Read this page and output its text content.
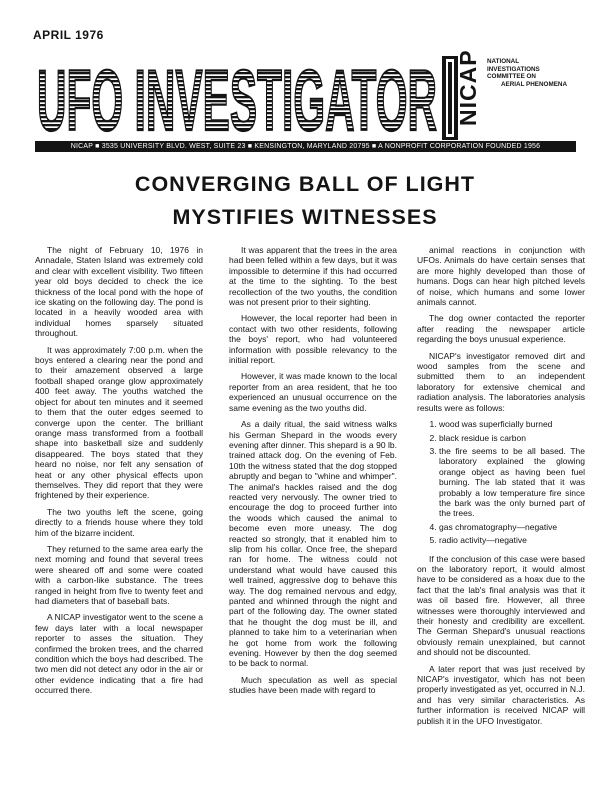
APRIL 1976
UFO INVESTIGATOR NICAP NATIONAL INVESTIGATIONS COMMITTEE ON
AERIAL PHENOMENA
NICAP ■ 3535 UNIVERSITY BLVD. WEST, SUITE 23 ■ KENSINGTON, MARYLAND 20795 ■ A NONPROFIT CORPORATION FOUNDED 1956
CONVERGING BALL OF LIGHT
MYSTIFIES WITNESSES

The night of February 10, 1976 in Annadale, Staten Island was extremely cold and clear with excellent visibility. Two fifteen year old boys decided to check the ice thickness of the local pond with the hope of ice skating on the following day. The pond is located in a heavily wooded area with individual homes sparsely situated throughout.

It was approximately 7:00 p.m. when the boys entered a clearing near the pond and to their amazement observed a large football shaped orange glow approximately 400 feet away. The youths watched the object for about ten minutes and it seemed to them that the outer edges seemed to converge upon the center. The brilliant orange mass transformed from a football shape into basketball size and suddenly disappeared. The boys stated that they heard no noise, nor felt any sensation of heat or any other physical effects upon themselves. They did report that they were frightened by their experience.

The two youths left the scene, going directly to a friends house where they told him of the bizarre incident.

They returned to the same area early the next morning and found that several trees were sheared off and some were coated with a carbon-like substance. The trees ranged in height from five to twenty feet and had diameters that of baseball bats.

A NICAP investigator went to the scene a few days later with a local newspaper reporter to asses the situation. They confirmed the broken trees, and the charred condition which the boys had described. The two men did not detect any odor in the air or other evidence indicating that a fire had occurred there.

It was apparent that the trees in the area had been felled within a few days, but it was impossible to determine if this had occurred at the time to the sighting. To the best recollection of the two youths, the condition was not present prior to their sighting.

However, the local reporter had been in contact with two other residents, following the boys' report, who had volunteered information with possible relevancy to the initial report.

However, it was made known to the local reporter from an area resident, that he too experienced an unusual occurrence on the same evening as the two youths did.

As a daily ritual, the said witness walks his German Shepard in the woods every evening after dinner. This shepard is a 90 lb. trained attack dog. On the evening of Feb. 10th the witness stated that the dog stopped abruptly and began to "whine and whimper". The animal's hackles raised and the dog reacted very nervously. The owner tried to encourage the dog to proceed further into the woods which caused the animal to become even more uneasy. The dog reacted so strongly, that it enabled him to slip from his collar. Once free, the shepard ran for home. The witness could not understand what would have caused this well trained, aggressive dog to behave this way. The dog remained nervous and edgy, panted and whinned through the night and part of the following day. The owner stated that he thought the dog must be ill, and planned to take him to a veterinarian when he got home from work the following evening. However by then the dog seemed to be back to normal.

Much speculation as well as special studies have been made with regard to

animal reactions in conjunction with UFOs. Animals do have certain senses that are more highly developed than those of humans. Dogs can hear high pitched levels of noise, which humans and some lower animals cannot.

The dog owner contacted the reporter after reading the newspaper article regarding the boys unusual experience.

NICAP's investigator removed dirt and wood samples from the scene and submitted them to an independent laboratory for extensive chemical and radiation analysis. The laboratories analysis results were as follows:

1. wood was superficially burned
2. black residue is carbon
3. the fire seems to be all based. The laboratory explained the glowing orange object as having been fuel burning. The lab stated that it was probably a low temperature fire since the bark was the only burned part of the trees.
4. gas chromatography—negative
5. radio activity—negative

If the conclusion of this case were based on the laboratory report, it would almost have to be considered as a hoax due to the fact that the lab's final analysis was that it was oil based fire. However, all three witnesses were thoroughly interviewed and their honesty and credibility are excellent. The German Shepard's unusual reactions obviously remain unexplained, but cannot and should not be discounted.

A later report that was just received by NICAP's investigator, which has not been properly investigated as yet, occurred in N.J. and has very similar characteristics. As further information is received NICAP will publish it in the UFO Investigator.
